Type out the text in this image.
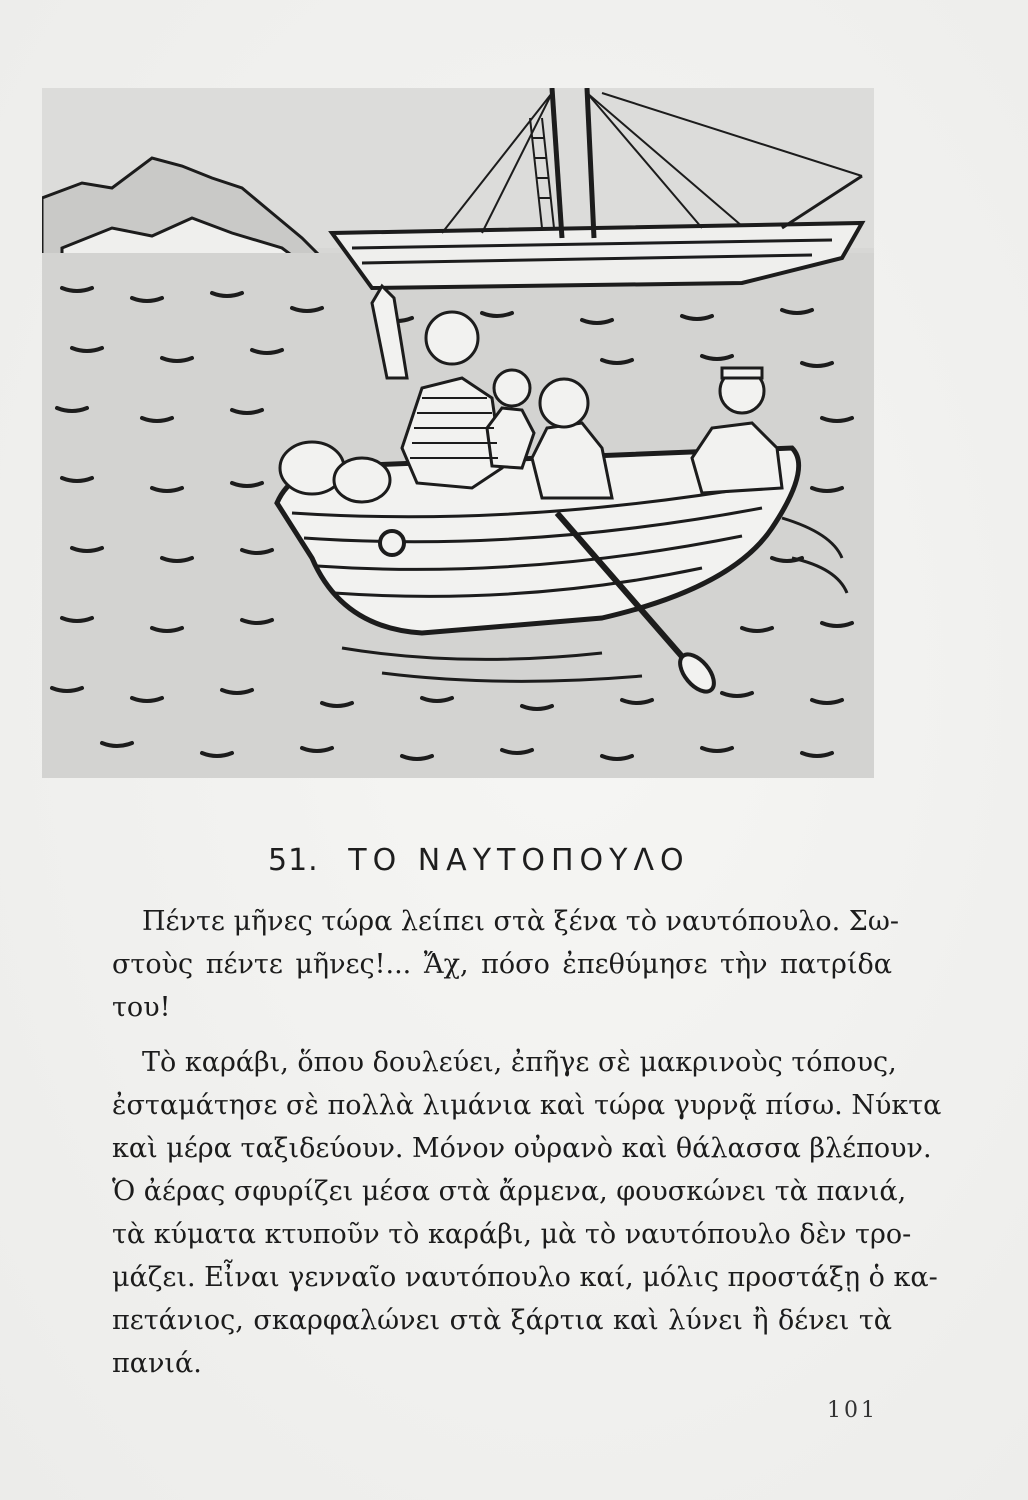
51. ΤΟ ΝΑΥΤΟΠΟΥΛΟ
Πέντε μῆνες τώρα λείπει στὰ ξένα τὸ ναυτόπουλο. Σω-
στοὺς πέντε μῆνες!... Ἄχ, πόσο ἐπεθύμησε τὴν πατρίδα
του!
Τὸ καράβι, ὅπου δουλεύει, ἐπῆγε σὲ μακρινοὺς τόπους,
ἐσταμάτησε σὲ πολλὰ λιμάνια καὶ τώρα γυρνᾷ πίσω. Νύκτα
καὶ μέρα ταξιδεύουν. Μόνον οὐρανὸ καὶ θάλασσα βλέπουν.
Ὁ ἀέρας σφυρίζει μέσα στὰ ἄρμενα, φουσκώνει τὰ πανιά,
τὰ κύματα κτυποῦν τὸ καράβι, μὰ τὸ ναυτόπουλο δὲν τρο-
μάζει. Εἶναι γενναῖο ναυτόπουλο καί, μόλις προστάξῃ ὁ κα-
πετάνιος, σκαρφαλώνει στὰ ξάρτια καὶ λύνει ἢ δένει τὰ
πανιά.
101
